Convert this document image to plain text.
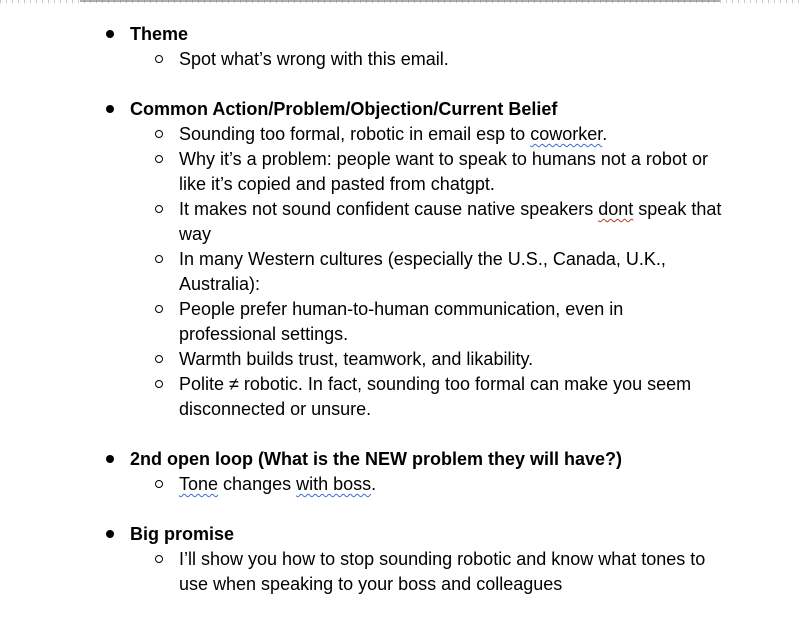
Theme
Spot what’s wrong with this email.
Common Action/Problem/Objection/Current Belief
Sounding too formal, robotic in email esp to coworker.
Why it’s a problem: people want to speak to humans not a robot or like it’s copied and pasted from chatgpt.
It makes not sound confident cause native speakers dont speak that way
In many Western cultures (especially the U.S., Canada, U.K., Australia):
People prefer human-to-human communication, even in professional settings.
Warmth builds trust, teamwork, and likability.
Polite ≠ robotic. In fact, sounding too formal can make you seem disconnected or unsure.
2nd open loop (What is the NEW problem they will have?)
Tone changes with boss.
Big promise
I’ll show you how to stop sounding robotic and know what tones to use when speaking to your boss and colleagues
